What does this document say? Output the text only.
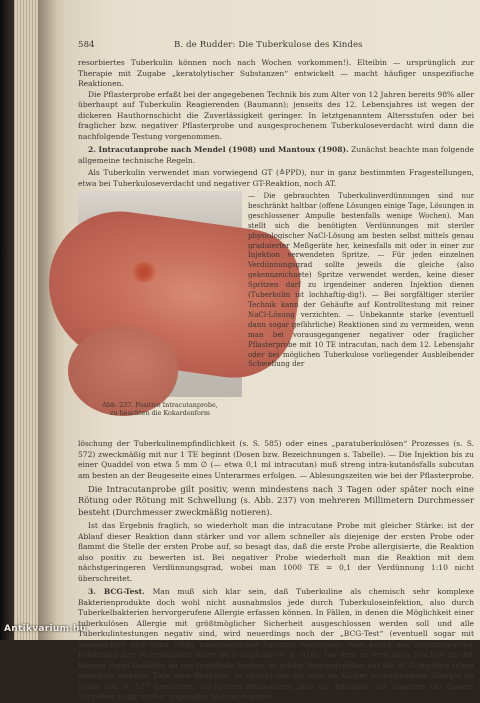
584	B. de Rudder: Die Tuberkulose des Kindes

resorbiertes Tuberkulin können noch nach Wochen vorkommen!). Elteibin — ursprünglich zur Therapie mit Zugabe „keratolytischer Substanzen“ entwickelt — macht häufiger unspezifische Reaktionen.

Die Pflasterprobe erfaßt bei der angegebenen Technik bis zum Alter von 12 Jahren bereits 98% aller überhaupt auf Tuberkulin Reagierenden (Baumann); jenseits des 12. Lebensjahres ist wegen der dickeren Hauthornschicht die Zuverlässigkeit geringer. In letztgenanntem Altersstufen oder bei fraglicher bzw. negativer Pflasterprobe und ausgesprochenem Tuberkuloseverdacht wird dann die nachfolgende Testung vorgenommen.

2. Intracutanprobe nach Mendel (1908) und Mantoux (1908). Zunächst beachte man folgende allgemeine technische Regeln.

Als Tuberkulin verwendet man vorwiegend GT (≙PPD), nur in ganz bestimmten Fragestellungen, etwa bei Tuberkuloseverdacht und negativer GT-Reaktion, noch AT.

Abb. 237. Positive Intracutanprobe,
zu beachten die Kokardenform

— Die gebrauchten Tuberkulinverdünnungen sind nur beschränkt haltbar (offene Lösungen einige Tage, Lösungen in geschlossener Ampulle bestenfalls wenige Wochen). Man stellt sich die benötigten Verdünnungen mit steriler physiologischer NaCl-Lösung am besten selbst mittels genau graduierter Meßgeräte her, keinesfalls mit oder in einer zur Injektion verwendeten Spritze. — Für jeden einzelnen Verdünnungsgrad sollte jeweils die gleiche (also gekennzeichnete) Spritze verwendet werden, keine dieser Spritzen darf zu irgendeiner anderen Injektion dienen (Tuberkulin ist lochhaftig-dig!). — Bei sorgfältiger steriler Technik kann der Gehäufte auf Kontrolltestung mit reiner NaCl-Lösung verzichten. — Unbekannte starke (eventuell dann sogar gefährliche) Reaktionen sind zu vermeiden, wenn man bei vorausgegangener negativer oder fraglicher Pflasterprobe mit 10 TE intracutan, nach dem 12. Lebensjahr oder bei möglichen Tuberkulose vorliegender Ausbleibender Schwellung der

löschung der Tuberkulinempfindlichkeit (s. S. 585) oder eines „paratuberkulösen“ Prozesses (s. S. 572) zweckmäßig mit nur 1 TE beginnt (Dosen bzw. Bezeichnungen s. Tabelle). — Die Injektion bis zu einer Quaddel von etwa 5 mm ∅ (— etwa 0,1 ml intracutan) muß streng intra-kutanösfalls subcutan am besten an der Beugeseite eines Unterarmes erfolgen. — Ablesungszeiten wie bei der Pflasterprobe.

Die Intracutanprobe gilt positiv, wenn mindestens nach 3 Tagen oder später noch eine Rötung oder Rötung mit Schwellung (s. Abb. 237) von mehreren Millimetern Durchmesser besteht (Durchmesser zweckmäßig notieren).

Ist das Ergebnis fraglich, so wiederholt man die intracutane Probe mit gleicher Stärke: ist der Ablauf dieser Reaktion dann stärker und vor allem schneller als diejenige der ersten Probe oder flammt die Stelle der ersten Probe auf, so besagt das, daß die erste Probe allergisierte, die Reaktion also positiv zu bewerten ist. Bei negativer Probe wiederholt man die Reaktion mit dem nächstgeringeren Verdünnungsgrad, wobei man 1000 TE = 0,1 der Verdünnung 1:10 nicht überschreitet.

3. BCG-Test. Man muß sich klar sein, daß Tuberkuline als chemisch sehr komplexe Bakterienprodukte doch wohl nicht ausnahmslos jede durch Tuberkuloseinfektion, also durch Tuberkelbakterien hervorgerufene Allergie erfassen können. In Fällen, in denen die Möglichkeit einer tuberkulösen Allergie mit größtmöglicher Sicherheit ausgeschlossen werden soll und alle Tuberkulintestungen negativ sind, wird neuerdings noch der „BCG-Test“ (eventuell sogar mit angekochter und dann völlig unbedenklicher Vaccine) empfohlen: man kennt aus millionenfacher Erfahrung den Normalablauf einer BCG-Impfung (s. S. 616), bei dem es erst nach Wochen zu der kleinen Papel-Reaktion an der Impfstelle kommt; er erfolgt demgegenüber auf die BCG-Impfung schon innerhalb weniger Tage eine Reaktion, so spricht das für eine im Körper vorbestandene Allergie im Sinne des S. 577 genannten Kochschen Phänomens, also für Infektion; oft flammen bei diesem Vorgehen sogar vorher angelegte, bislang negative

Antikvarium.hu
